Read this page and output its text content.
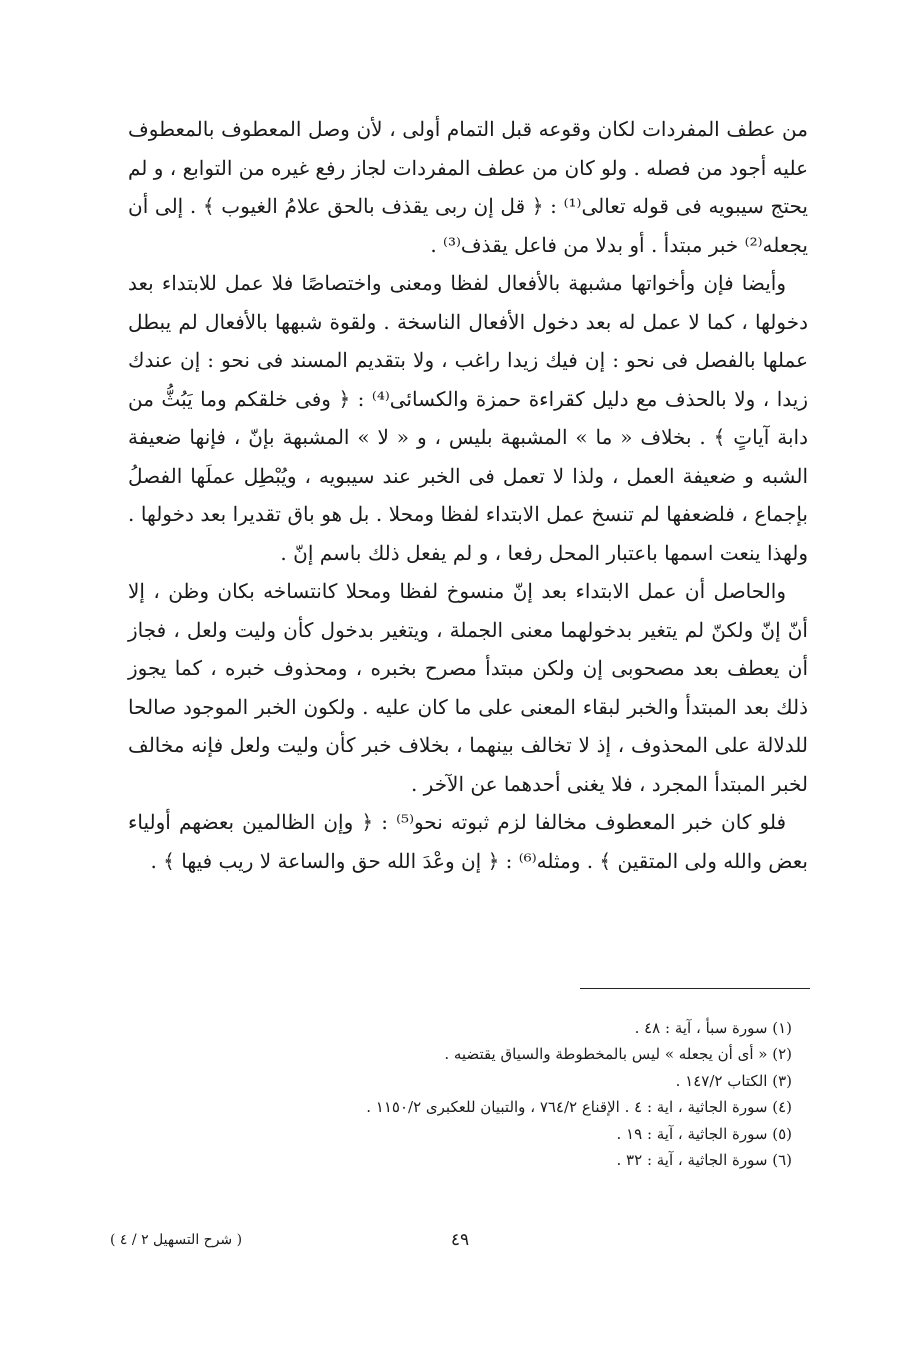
من عطف المفردات لكان وقوعه قبل التمام أولى ، لأن وصل المعطوف بالمعطوف عليه أجود من فصله . ولو كان من عطف المفردات لجاز رفع غيره من التوابع ، و لم يحتج سيبويه فى قوله تعالى⁽¹⁾ : ﴿ قل إن ربى يقذف بالحق علامُ الغيوب ﴾ . إلى أن يجعله⁽²⁾ خبر مبتدأ . أو بدلا من فاعل يقذف⁽³⁾ .

وأيضا فإن وأخواتها مشبهة بالأفعال لفظا ومعنى واختصاصًا فلا عمل للابتداء بعد دخولها ، كما لا عمل له بعد دخول الأفعال الناسخة . ولقوة شبهها بالأفعال لم يبطل عملها بالفصل فى نحو : إن فيك زيدا راغب ، ولا بتقديم المسند فى نحو : إن عندك زيدا ، ولا بالحذف مع دليل كقراءة حمزة والكسائى⁽⁴⁾ : ﴿ وفى خلقكم وما يَبُثُّ من دابة آياتٍ ﴾ . بخلاف « ما » المشبهة بليس ، و « لا » المشبهة بإنّ ، فإنها ضعيفة الشبه و ضعيفة العمل ، ولذا لا تعمل فى الخبر عند سيبويه ، ويُبْطِل عملَها الفصلُ بإجماع ، فلضعفها لم تنسخ عمل الابتداء لفظا ومحلا . بل هو باق تقديرا بعد دخولها . ولهذا ينعت اسمها باعتبار المحل رفعا ، و لم يفعل ذلك باسم إنّ .

والحاصل أن عمل الابتداء بعد إنّ منسوخ لفظا ومحلا كانتساخه بكان وظن ، إلا أنّ إنّ ولكنّ لم يتغير بدخولهما معنى الجملة ، ويتغير بدخول كأن وليت ولعل ، فجاز أن يعطف بعد مصحوبى إن ولكن مبتدأ مصرح بخبره ، ومحذوف خبره ، كما يجوز ذلك بعد المبتدأ والخبر لبقاء المعنى على ما كان عليه . ولكون الخبر الموجود صالحا للدلالة على المحذوف ، إذ لا تخالف بينهما ، بخلاف خبر كأن وليت ولعل فإنه مخالف لخبر المبتدأ المجرد ، فلا يغنى أحدهما عن الآخر .

فلو كان خبر المعطوف مخالفا لزم ثبوته نحو⁽⁵⁾ : ﴿ وإن الظالمين بعضهم أولياء بعض والله ولى المتقين ﴾ . ومثله⁽⁶⁾ : ﴿ إن وعْدَ الله حق والساعة لا ريب فيها ﴾ .

(١) سورة سبأ ، آية : ٤٨ .
(٢) « أى أن يجعله » ليس بالمخطوطة والسياق يقتضيه .
(٣) الكتاب ١٤٧/٢ .
(٤) سورة الجاثية ، اية : ٤ . الإقناع ٧٦٤/٢ ، والتبيان للعكبرى ١١٥٠/٢ .
(٥) سورة الجاثية ، آية : ١٩ .
(٦) سورة الجاثية ، آية : ٣٢ .
٤٩
( شرح التسهيل ٢ / ٤ )
